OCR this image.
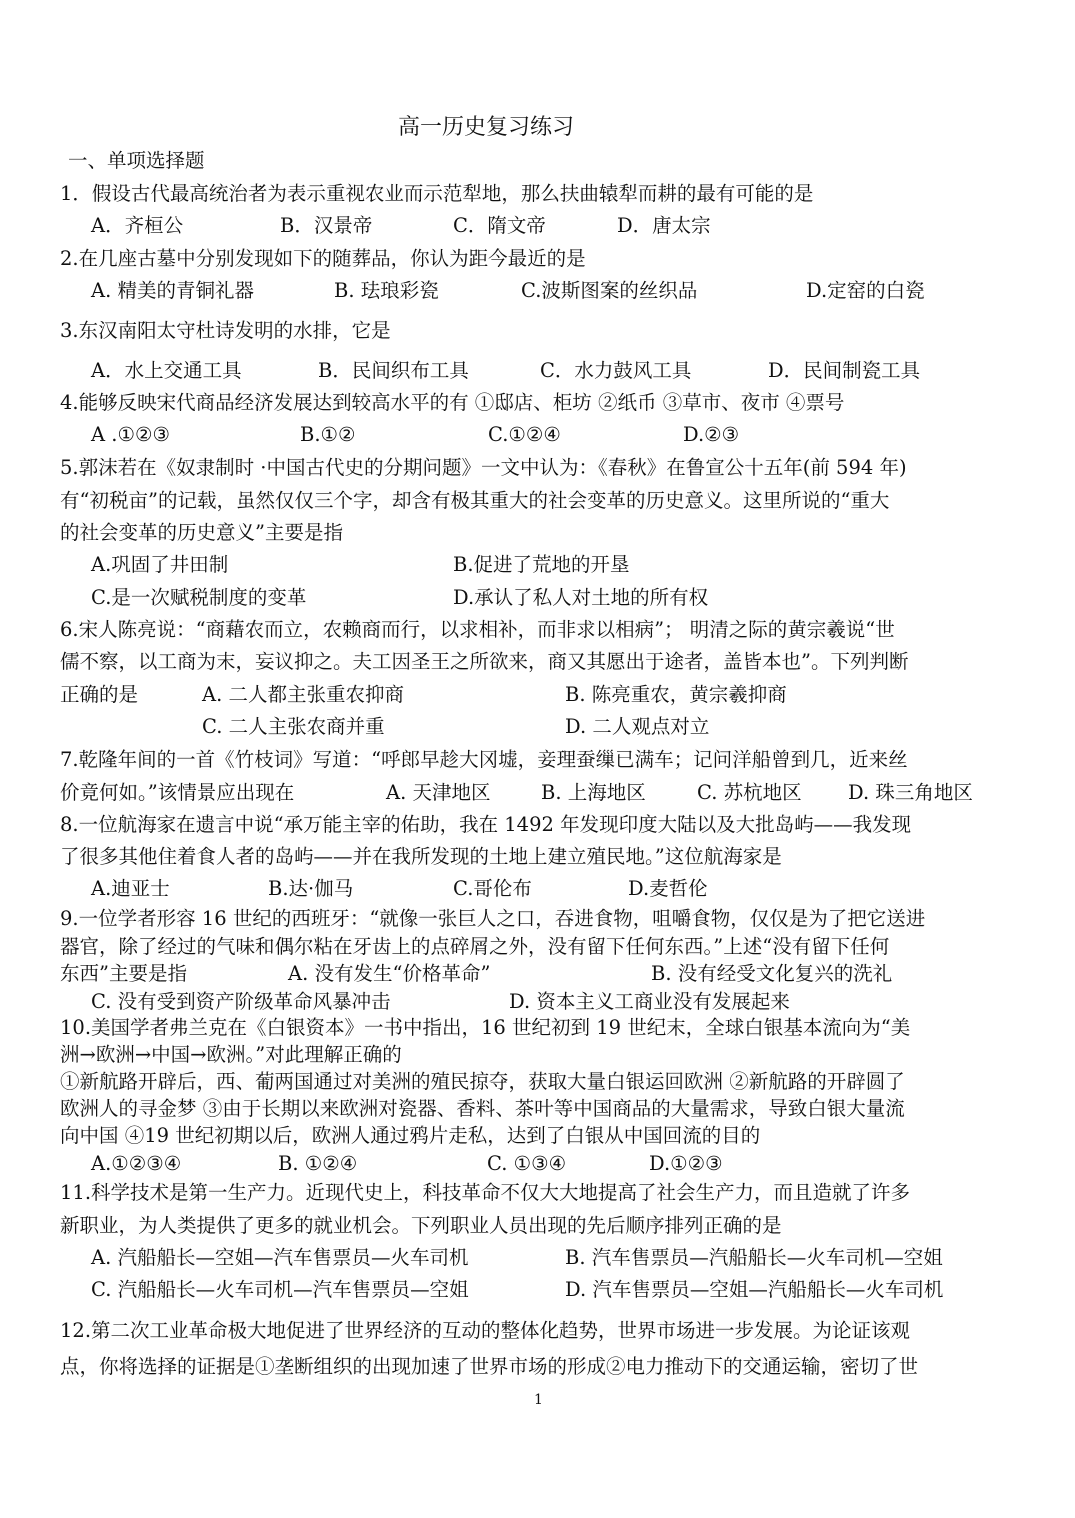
高一历史复习练习
一、单项选择题
1．假设古代最高统治者为表示重视农业而示范犁地，那么扶曲辕犁而耕的最有可能的是
A．齐桓公	B．汉景帝	C．隋文帝	D．唐太宗
2.在几座古墓中分别发现如下的随葬品，你认为距今最近的是
A. 精美的青铜礼器	B. 珐琅彩瓷	C.波斯图案的丝织品	D.定窑的白瓷
3.东汉南阳太守杜诗发明的水排，它是
A．水上交通工具	B．民间织布工具	C．水力鼓风工具	D．民间制瓷工具
4.能够反映宋代商品经济发展达到较高水平的有 ①邸店、柜坊 ②纸币 ③草市、夜市 ④票号
A .①②③	B.①②	C.①②④	D.②③
5.郭沫若在《奴隶制时 ·中国古代史的分期问题》一文中认为：《春秋》在鲁宣公十五年(前 594 年)
有“初税亩”的记载，虽然仅仅三个字，却含有极其重大的社会变革的历史意义。这里所说的“重大
的社会变革的历史意义”主要是指
A.巩固了井田制	B.促进了荒地的开垦
C.是一次赋税制度的变革	D.承认了私人对土地的所有权
6.宋人陈亮说：“商藉农而立，农赖商而行，以求相补，而非求以相病”； 明清之际的黄宗羲说“世
儒不察，以工商为末，妄议抑之。夫工因圣王之所欲来，商又其愿出于途者，盖皆本也”。下列判断
正确的是	A. 二人都主张重农抑商	B. 陈亮重农，黄宗羲抑商
C. 二人主张农商并重	D. 二人观点对立
7.乾隆年间的一首《竹枝词》写道：“呼郎早趁大冈墟，妾理蚕缫已满车；记问洋船曾到几，近来丝
价竟何如。”该情景应出现在	A. 天津地区	B. 上海地区	C. 苏杭地区 D. 珠三角地区
8.一位航海家在遗言中说“承万能主宰的佑助，我在 1492 年发现印度大陆以及大批岛屿——我发现
了很多其他住着食人者的岛屿——并在我所发现的土地上建立殖民地。”这位航海家是
A.迪亚士	B.达·伽马	C.哥伦布	D.麦哲伦
9.一位学者形容 16 世纪的西班牙：“就像一张巨人之口，吞进食物，咀嚼食物，仅仅是为了把它送进
器官，除了经过的气味和偶尔粘在牙齿上的点碎屑之外，没有留下任何东西。”上述“没有留下任何
东西”主要是指	A. 没有发生“价格革命”	B. 没有经受文化复兴的洗礼
C. 没有受到资产阶级革命风暴冲击	D. 资本主义工商业没有发展起来
10.美国学者弗兰克在《白银资本》一书中指出，16 世纪初到 19 世纪末，全球白银基本流向为“美
洲→欧洲→中国→欧洲。”对此理解正确的
①新航路开辟后，西、葡两国通过对美洲的殖民掠夺，获取大量白银运回欧洲 ②新航路的开辟圆了
欧洲人的寻金梦 ③由于长期以来欧洲对瓷器、香料、茶叶等中国商品的大量需求，导致白银大量流
向中国 ④19 世纪初期以后，欧洲人通过鸦片走私，达到了白银从中国回流的目的
A.①②③④	B. ①②④	C. ①③④	D.①②③
11.科学技术是第一生产力。近现代史上，科技革命不仅大大地提高了社会生产力，而且造就了许多
新职业，为人类提供了更多的就业机会。下列职业人员出现的先后顺序排列正确的是
A. 汽船船长—空姐—汽车售票员—火车司机	B. 汽车售票员—汽船船长—火车司机—空姐
C. 汽船船长—火车司机—汽车售票员—空姐	D. 汽车售票员—空姐—汽船船长—火车司机
12.第二次工业革命极大地促进了世界经济的互动的整体化趋势，世界市场进一步发展。为论证该观
点，你将选择的证据是①垄断组织的出现加速了世界市场的形成②电力推动下的交通运输，密切了世
1
